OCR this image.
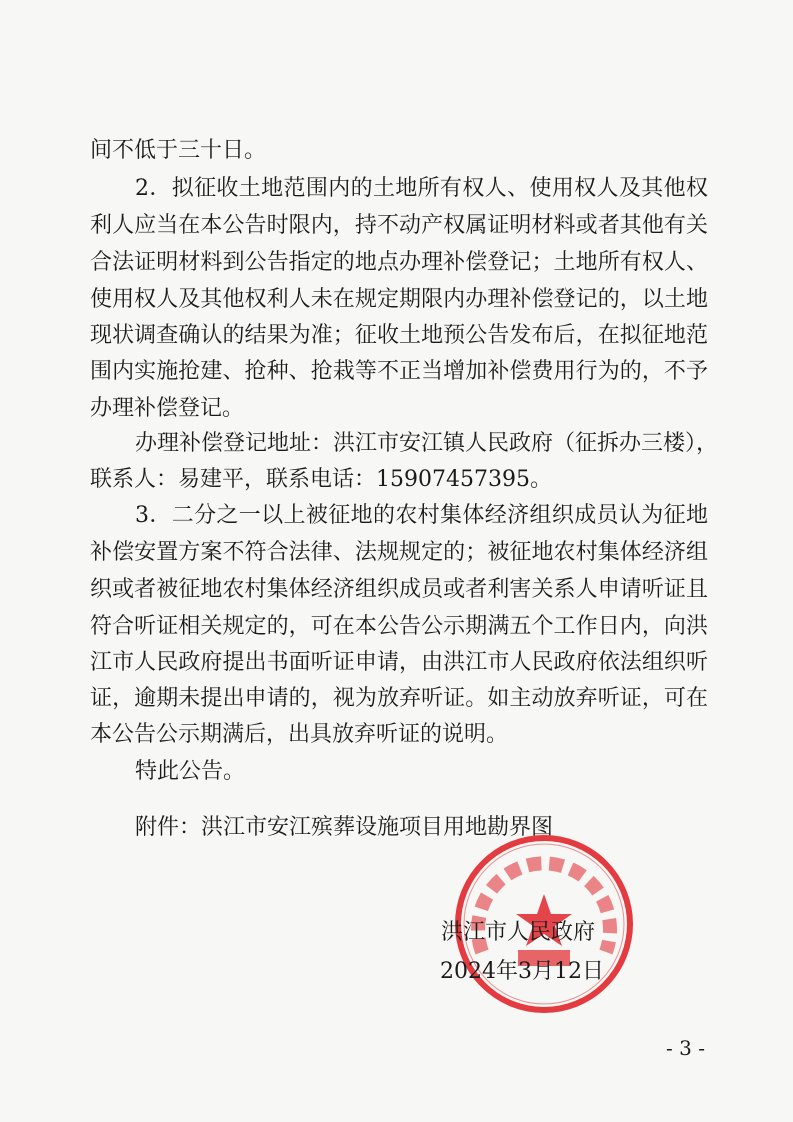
间不低于三十日。
2．拟征收土地范围内的土地所有权人、使用权人及其他权
利人应当在本公告时限内，持不动产权属证明材料或者其他有关
合法证明材料到公告指定的地点办理补偿登记；土地所有权人、
使用权人及其他权利人未在规定期限内办理补偿登记的，以土地
现状调查确认的结果为准；征收土地预公告发布后，在拟征地范
围内实施抢建、抢种、抢栽等不正当增加补偿费用行为的，不予
办理补偿登记。
办理补偿登记地址：洪江市安江镇人民政府（征拆办三楼），
联系人：易建平，联系电话：15907457395。
3．二分之一以上被征地的农村集体经济组织成员认为征地
补偿安置方案不符合法律、法规规定的；被征地农村集体经济组
织或者被征地农村集体经济组织成员或者利害关系人申请听证且
符合听证相关规定的，可在本公告公示期满五个工作日内，向洪
江市人民政府提出书面听证申请，由洪江市人民政府依法组织听
证，逾期未提出申请的，视为放弃听证。如主动放弃听证，可在
本公告公示期满后，出具放弃听证的说明。
特此公告。
附件：洪江市安江殡葬设施项目用地勘界图
洪江市人民政府
2024年3月12日
- 3 -
